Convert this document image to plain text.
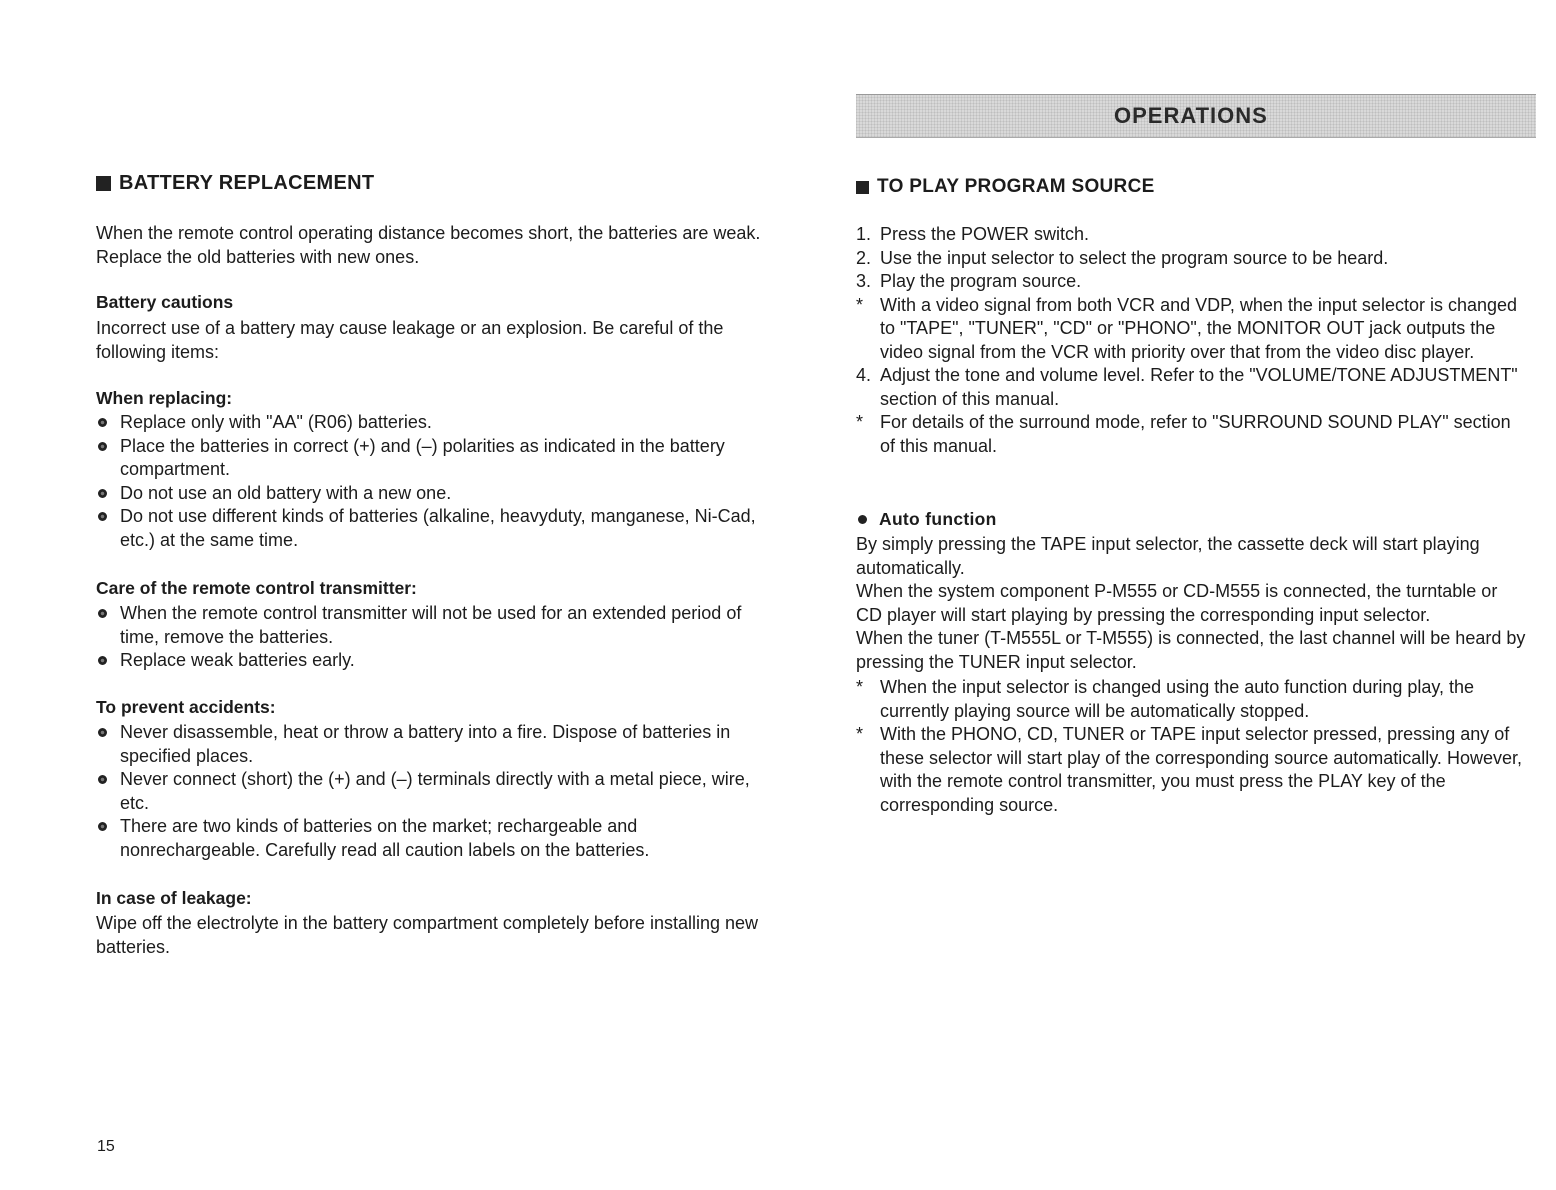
OPERATIONS
BATTERY REPLACEMENT

When the remote control operating distance becomes short, the batteries are weak. Replace the old batteries with new ones.

Battery cautions

Incorrect use of a battery may cause leakage or an explosion. Be careful of the following items:

When replacing:

Replace only with "AA" (R06) batteries.
Place the batteries in correct (+) and (–) polarities as indicated in the battery compartment.
Do not use an old battery with a new one.
Do not use different kinds of batteries (alkaline, heavyduty, manganese, Ni-Cad, etc.) at the same time.

Care of the remote control transmitter:

When the remote control transmitter will not be used for an extended period of time, remove the batteries.
Replace weak batteries early.

To prevent accidents:

Never disassemble, heat or throw a battery into a fire. Dispose of batteries in specified places.
Never connect (short) the (+) and (–) terminals directly with a metal piece, wire, etc.
There are two kinds of batteries on the market; rechargeable and nonrechargeable. Carefully read all caution labels on the batteries.

In case of leakage:

Wipe off the electrolyte in the battery compartment completely before installing new batteries.

15
TO PLAY PROGRAM SOURCE
1. Press the POWER switch.
2. Use the input selector to select the program source to be heard.
3. Play the program source.
* With a video signal from both VCR and VDP, when the input selector is changed to "TAPE", "TUNER", "CD" or "PHONO", the MONITOR OUT jack outputs the video signal from the VCR with priority over that from the video disc player.
4. Adjust the tone and volume level. Refer to the "VOLUME/TONE ADJUSTMENT" section of this manual.
* For details of the surround mode, refer to "SURROUND SOUND PLAY" section of this manual.
Auto function
By simply pressing the TAPE input selector, the cassette deck will start playing automatically.
When the system component P-M555 or CD-M555 is connected, the turntable or CD player will start playing by pressing the corresponding input selector.
When the tuner (T-M555L or T-M555) is connected, the last channel will be heard by pressing the TUNER input selector.
* When the input selector is changed using the auto function during play, the currently playing source will be automatically stopped.
* With the PHONO, CD, TUNER or TAPE input selector pressed, pressing any of these selector will start play of the corresponding source automatically. However, with the remote control transmitter, you must press the PLAY key of the corresponding source.
